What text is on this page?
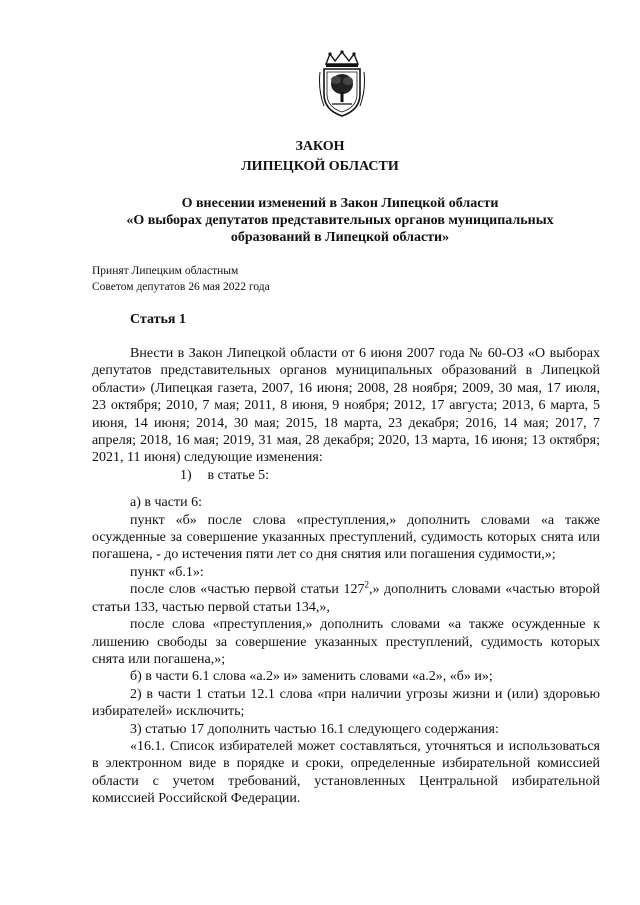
ЗАКОН
ЛИПЕЦКОЙ ОБЛАСТИ
О внесении изменений в Закон Липецкой области
«О выборах депутатов представительных органов муниципальных
образований в Липецкой области»
Принят Липецким областным
Советом депутатов 26 мая 2022 года
Статья 1

Внести в Закон Липецкой области от 6 июня 2007 года № 60-ОЗ «О выборах депутатов представительных органов муниципальных образований в Липецкой области» (Липецкая газета, 2007, 16 июня; 2008, 28 ноября; 2009, 30 мая, 17 июля, 23 октября; 2010, 7 мая; 2011, 8 июня, 9 ноября; 2012, 17 августа; 2013, 6 марта, 5 июня, 14 июня; 2014, 30 мая; 2015, 18 марта, 23 декабря; 2016, 14 мая; 2017, 7 апреля; 2018, 16 мая; 2019, 31 мая, 28 декабря; 2020, 13 марта, 16 июня; 13 октября; 2021, 11 июня) следующие изменения:

1) в статье 5:

а) в части 6:

пункт «б» после слова «преступления,» дополнить словами «а также осужденные за совершение указанных преступлений, судимость которых снята или погашена, - до истечения пяти лет со дня снятия или погашения судимости,»;

пункт «б.1»:

после слов «частью первой статьи $127^2$,» дополнить словами «частью второй статьи 133, частью первой статьи 134,»,

после слова «преступления,» дополнить словами «а также осужденные к лишению свободы за совершение указанных преступлений, судимость которых снята или погашена,»;

б) в части 6.1 слова «а.2» и» заменить словами «а.2», «б» и»;

2) в части 1 статьи 12.1 слова «при наличии угрозы жизни и (или) здоровью избирателей» исключить;

3) статью 17 дополнить частью 16.1 следующего содержания:

«16.1. Список избирателей может составляться, уточняться и использоваться в электронном виде в порядке и сроки, определенные избирательной комиссией области с учетом требований, установленных Центральной избирательной комиссией Российской Федерации.
